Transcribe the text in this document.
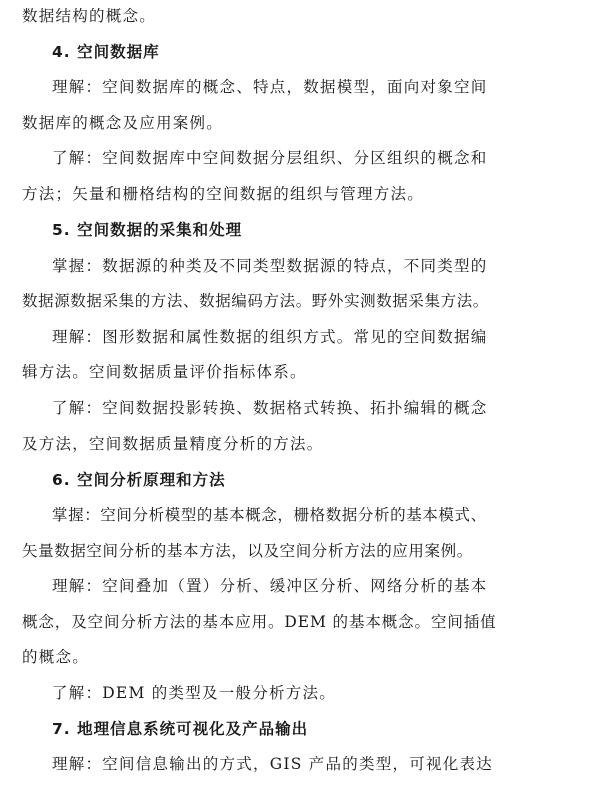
数据结构的概念。
4. 空间数据库
理解：空间数据库的概念、特点，数据模型，面向对象空间
数据库的概念及应用案例。
了解：空间数据库中空间数据分层组织、分区组织的概念和
方法；矢量和栅格结构的空间数据的组织与管理方法。
5. 空间数据的采集和处理
掌握：数据源的种类及不同类型数据源的特点，不同类型的
数据源数据采集的方法、数据编码方法。野外实测数据采集方法。
理解：图形数据和属性数据的组织方式。常见的空间数据编
辑方法。空间数据质量评价指标体系。
了解：空间数据投影转换、数据格式转换、拓扑编辑的概念
及方法，空间数据质量精度分析的方法。
6. 空间分析原理和方法
掌握：空间分析模型的基本概念，栅格数据分析的基本模式、
矢量数据空间分析的基本方法，以及空间分析方法的应用案例。
理解：空间叠加（置）分析、缓冲区分析、网络分析的基本
概念，及空间分析方法的基本应用。DEM 的基本概念。空间插值
的概念。
了解：DEM 的类型及一般分析方法。
7. 地理信息系统可视化及产品输出
理解：空间信息输出的方式，GIS 产品的类型，可视化表达
